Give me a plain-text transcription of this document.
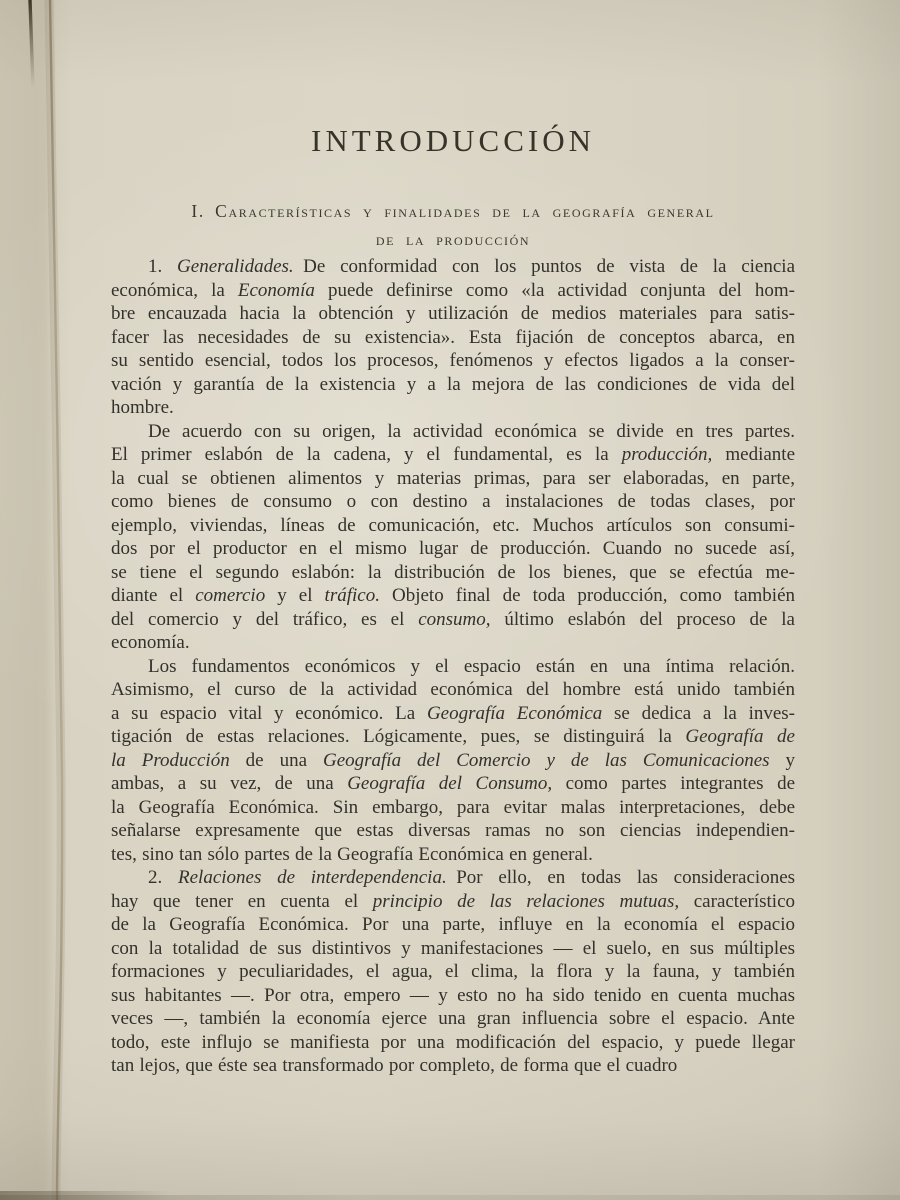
INTRODUCCIÓN
I. Características y finalidades de la geografía general
de la producción
1. Generalidades. De conformidad con los puntos de vista de la ciencia
económica, la Economía puede definirse como «la actividad conjunta del hom-
bre encauzada hacia la obtención y utilización de medios materiales para satis-
facer las necesidades de su existencia». Esta fijación de conceptos abarca, en
su sentido esencial, todos los procesos, fenómenos y efectos ligados a la conser-
vación y garantía de la existencia y a la mejora de las condiciones de vida del
hombre.
De acuerdo con su origen, la actividad económica se divide en tres partes.
El primer eslabón de la cadena, y el fundamental, es la producción, mediante
la cual se obtienen alimentos y materias primas, para ser elaboradas, en parte,
como bienes de consumo o con destino a instalaciones de todas clases, por
ejemplo, viviendas, líneas de comunicación, etc. Muchos artículos son consumi-
dos por el productor en el mismo lugar de producción. Cuando no sucede así,
se tiene el segundo eslabón: la distribución de los bienes, que se efectúa me-
diante el comercio y el tráfico. Objeto final de toda producción, como también
del comercio y del tráfico, es el consumo, último eslabón del proceso de la
economía.
Los fundamentos económicos y el espacio están en una íntima relación.
Asimismo, el curso de la actividad económica del hombre está unido también
a su espacio vital y económico. La Geografía Económica se dedica a la inves-
tigación de estas relaciones. Lógicamente, pues, se distinguirá la Geografía de
la Producción de una Geografía del Comercio y de las Comunicaciones y
ambas, a su vez, de una Geografía del Consumo, como partes integrantes de
la Geografía Económica. Sin embargo, para evitar malas interpretaciones, debe
señalarse expresamente que estas diversas ramas no son ciencias independien-
tes, sino tan sólo partes de la Geografía Económica en general.
2. Relaciones de interdependencia. Por ello, en todas las consideraciones
hay que tener en cuenta el principio de las relaciones mutuas, característico
de la Geografía Económica. Por una parte, influye en la economía el espacio
con la totalidad de sus distintivos y manifestaciones — el suelo, en sus múltiples
formaciones y peculiaridades, el agua, el clima, la flora y la fauna, y también
sus habitantes —. Por otra, empero — y esto no ha sido tenido en cuenta muchas
veces —, también la economía ejerce una gran influencia sobre el espacio. Ante
todo, este influjo se manifiesta por una modificación del espacio, y puede llegar
tan lejos, que éste sea transformado por completo, de forma que el cuadro
